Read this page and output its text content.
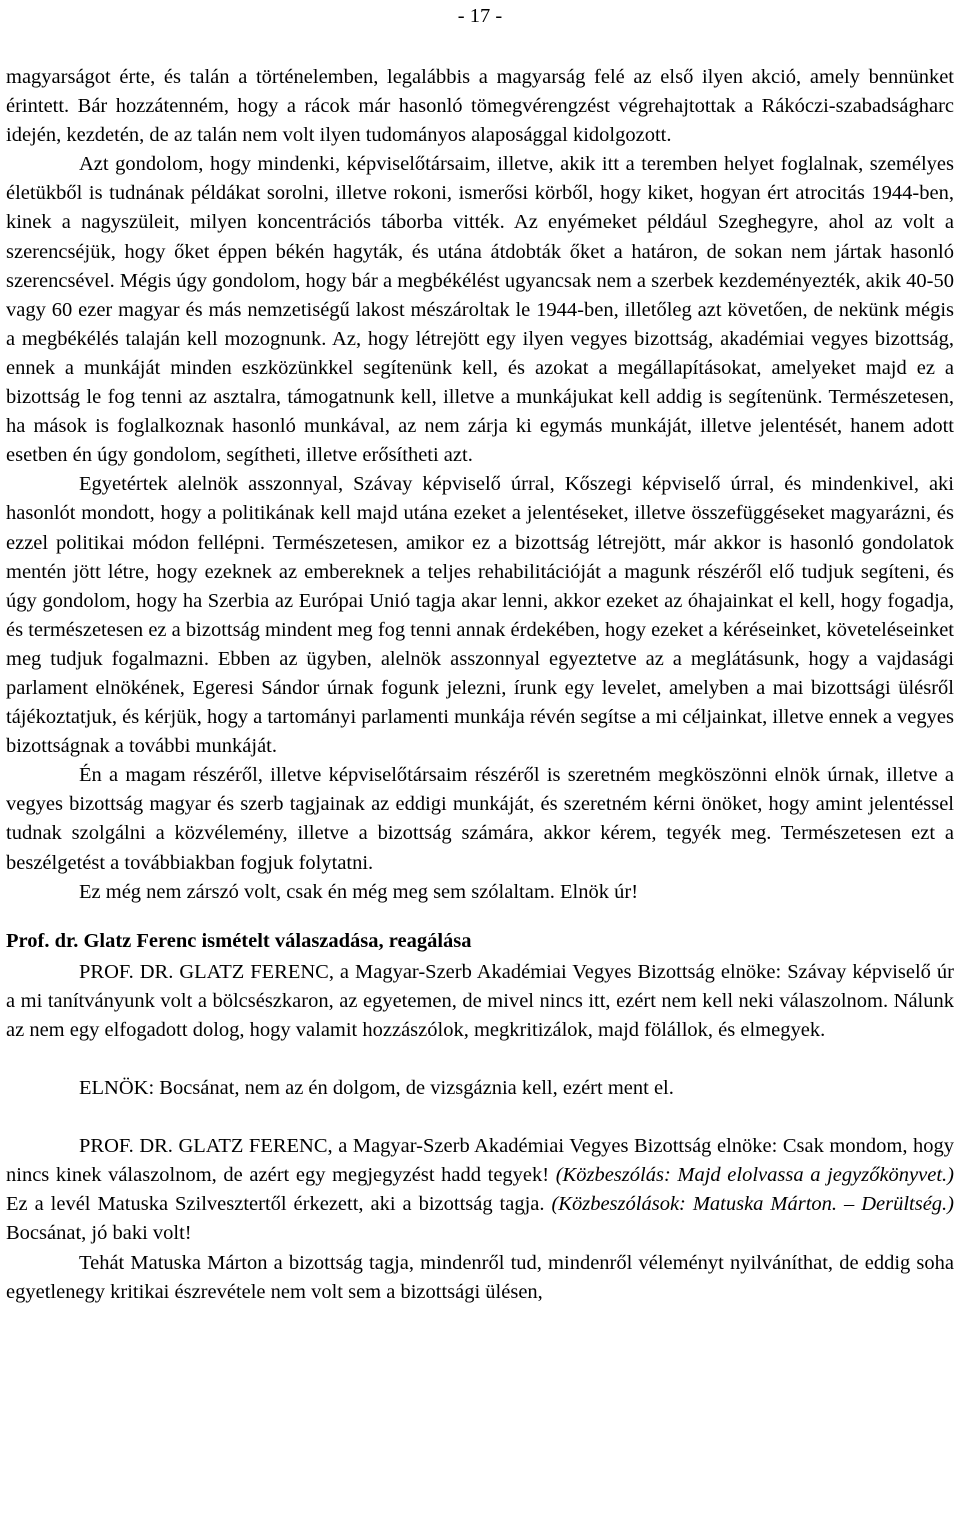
- 17 -

magyarságot érte, és talán a történelemben, legalábbis a magyarság felé az első ilyen akció, amely bennünket érintett. Bár hozzátenném, hogy a rácok már hasonló tömegvérengzést végrehajtottak a Rákóczi-szabadságharc idején, kezdetén, de az talán nem volt ilyen tudományos alaposággal kidolgozott.

Azt gondolom, hogy mindenki, képviselőtársaim, illetve, akik itt a teremben helyet foglalnak, személyes életükből is tudnának példákat sorolni, illetve rokoni, ismerősi körből, hogy kiket, hogyan ért atrocitás 1944-ben, kinek a nagyszüleit, milyen koncentrációs táborba vitték. Az enyémeket például Szeghegyre, ahol az volt a szerencséjük, hogy őket éppen békén hagyták, és utána átdobták őket a határon, de sokan nem jártak hasonló szerencsével. Mégis úgy gondolom, hogy bár a megbékélést ugyancsak nem a szerbek kezdeményezték, akik 40-50 vagy 60 ezer magyar és más nemzetiségű lakost mészároltak le 1944-ben, illetőleg azt követően, de nekünk mégis a megbékélés talaján kell mozognunk. Az, hogy létrejött egy ilyen vegyes bizottság, akadémiai vegyes bizottság, ennek a munkáját minden eszközünkkel segítenünk kell, és azokat a megállapításokat, amelyeket majd ez a bizottság le fog tenni az asztalra, támogatnunk kell, illetve a munkájukat kell addig is segítenünk. Természetesen, ha mások is foglalkoznak hasonló munkával, az nem zárja ki egymás munkáját, illetve jelentését, hanem adott esetben én úgy gondolom, segítheti, illetve erősítheti azt.

Egyetértek alelnök asszonnyal, Szávay képviselő úrral, Kőszegi képviselő úrral, és mindenkivel, aki hasonlót mondott, hogy a politikának kell majd utána ezeket a jelentéseket, illetve összefüggéseket magyarázni, és ezzel politikai módon fellépni. Természetesen, amikor ez a bizottság létrejött, már akkor is hasonló gondolatok mentén jött létre, hogy ezeknek az embereknek a teljes rehabilitációját a magunk részéről elő tudjuk segíteni, és úgy gondolom, hogy ha Szerbia az Európai Unió tagja akar lenni, akkor ezeket az óhajainkat el kell, hogy fogadja, és természetesen ez a bizottság mindent meg fog tenni annak érdekében, hogy ezeket a kéréseinket, követeléseinket meg tudjuk fogalmazni. Ebben az ügyben, alelnök asszonnyal egyeztetve az a meglátásunk, hogy a vajdasági parlament elnökének, Egeresi Sándor úrnak fogunk jelezni, írunk egy levelet, amelyben a mai bizottsági ülésről tájékoztatjuk, és kérjük, hogy a tartományi parlamenti munkája révén segítse a mi céljainkat, illetve ennek a vegyes bizottságnak a további munkáját.

Én a magam részéről, illetve képviselőtársaim részéről is szeretném megköszönni elnök úrnak, illetve a vegyes bizottság magyar és szerb tagjainak az eddigi munkáját, és szeretném kérni önöket, hogy amint jelentéssel tudnak szolgálni a közvélemény, illetve a bizottság számára, akkor kérem, tegyék meg. Természetesen ezt a beszélgetést a továbbiakban fogjuk folytatni.

Ez még nem zárszó volt, csak én még meg sem szólaltam. Elnök úr!

Prof. dr. Glatz Ferenc ismételt válaszadása, reagálása

PROF. DR. GLATZ FERENC, a Magyar-Szerb Akadémiai Vegyes Bizottság elnöke: Szávay képviselő úr a mi tanítványunk volt a bölcsészkaron, az egyetemen, de mivel nincs itt, ezért nem kell neki válaszolnom. Nálunk az nem egy elfogadott dolog, hogy valamit hozzászólok, megkritizálok, majd fölállok, és elmegyek.

ELNÖK: Bocsánat, nem az én dolgom, de vizsgáznia kell, ezért ment el.

PROF. DR. GLATZ FERENC, a Magyar-Szerb Akadémiai Vegyes Bizottság elnöke: Csak mondom, hogy nincs kinek válaszolnom, de azért egy megjegyzést hadd tegyek! (Közbeszólás: Majd elolvassa a jegyzőkönyvet.) Ez a levél Matuska Szilvesztertől érkezett, aki a bizottság tagja. (Közbeszólások: Matuska Márton. – Derültség.) Bocsánat, jó baki volt!

Tehát Matuska Márton a bizottság tagja, mindenről tud, mindenről véleményt nyilváníthat, de eddig soha egyetlenegy kritikai észrevétele nem volt sem a bizottsági ülésen,
